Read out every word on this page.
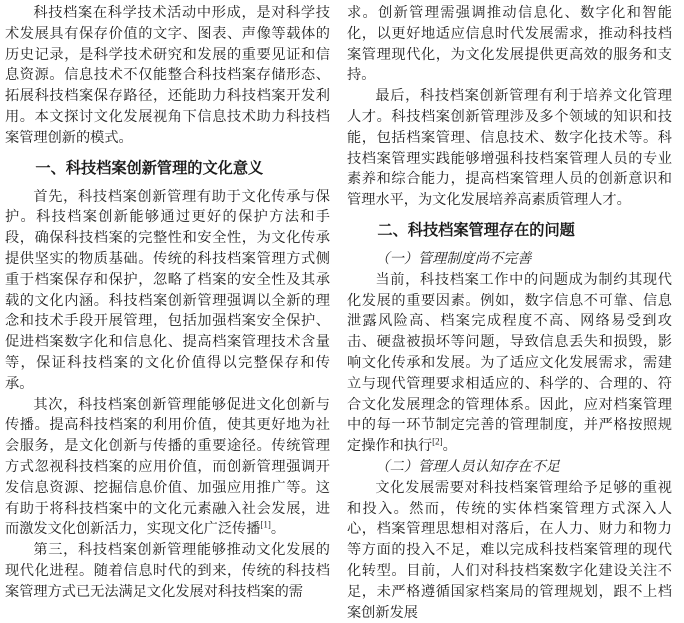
科技档案在科学技术活动中形成，是对科学技术发展具有保存价值的文字、图表、声像等载体的历史记录，是科学技术研究和发展的重要见证和信息资源。信息技术不仅能整合科技档案存储形态、拓展科技档案保存路径，还能助力科技档案开发利用。本文探讨文化发展视角下信息技术助力科技档案管理创新的模式。

一、科技档案创新管理的文化意义

首先，科技档案创新管理有助于文化传承与保护。科技档案创新能够通过更好的保护方法和手段，确保科技档案的完整性和安全性，为文化传承提供坚实的物质基础。传统的科技档案管理方式侧重于档案保存和保护，忽略了档案的安全性及其承载的文化内涵。科技档案创新管理强调以全新的理念和技术手段开展管理，包括加强档案安全保护、促进档案数字化和信息化、提高档案管理技术含量等，保证科技档案的文化价值得以完整保存和传承。

其次，科技档案创新管理能够促进文化创新与传播。提高科技档案的利用价值，使其更好地为社会服务，是文化创新与传播的重要途径。传统管理方式忽视科技档案的应用价值，而创新管理强调开发信息资源、挖掘信息价值、加强应用推广等。这有助于将科技档案中的文化元素融入社会发展，进而激发文化创新活力，实现文化广泛传播[1]。

第三，科技档案创新管理能够推动文化发展的现代化进程。随着信息时代的到来，传统的科技档案管理方式已无法满足文化发展对科技档案的需

求。创新管理需强调推动信息化、数字化和智能化，以更好地适应信息时代发展需求，推动科技档案管理现代化，为文化发展提供更高效的服务和支持。

最后，科技档案创新管理有利于培养文化管理人才。科技档案创新管理涉及多个领域的知识和技能，包括档案管理、信息技术、数字化技术等。科技档案管理实践能够增强科技档案管理人员的专业素养和综合能力，提高档案管理人员的创新意识和管理水平，为文化发展培养高素质管理人才。

二、科技档案管理存在的问题
（一）管理制度尚不完善

当前，科技档案工作中的问题成为制约其现代化发展的重要因素。例如，数字信息不可靠、信息泄露风险高、档案完成程度不高、网络易受到攻击、硬盘被损坏等问题，导致信息丢失和损毁，影响文化传承和发展。为了适应文化发展需求，需建立与现代管理要求相适应的、科学的、合理的、符合文化发展理念的管理体系。因此，应对档案管理中的每一环节制定完善的管理制度，并严格按照规定操作和执行[2]。

（二）管理人员认知存在不足

文化发展需要对科技档案管理给予足够的重视和投入。然而，传统的实体档案管理方式深入人心，档案管理思想相对落后，在人力、财力和物力等方面的投入不足，难以完成科技档案管理的现代化转型。目前，人们对科技档案数字化建设关注不足，未严格遵循国家档案局的管理规划，跟不上档案创新发展
